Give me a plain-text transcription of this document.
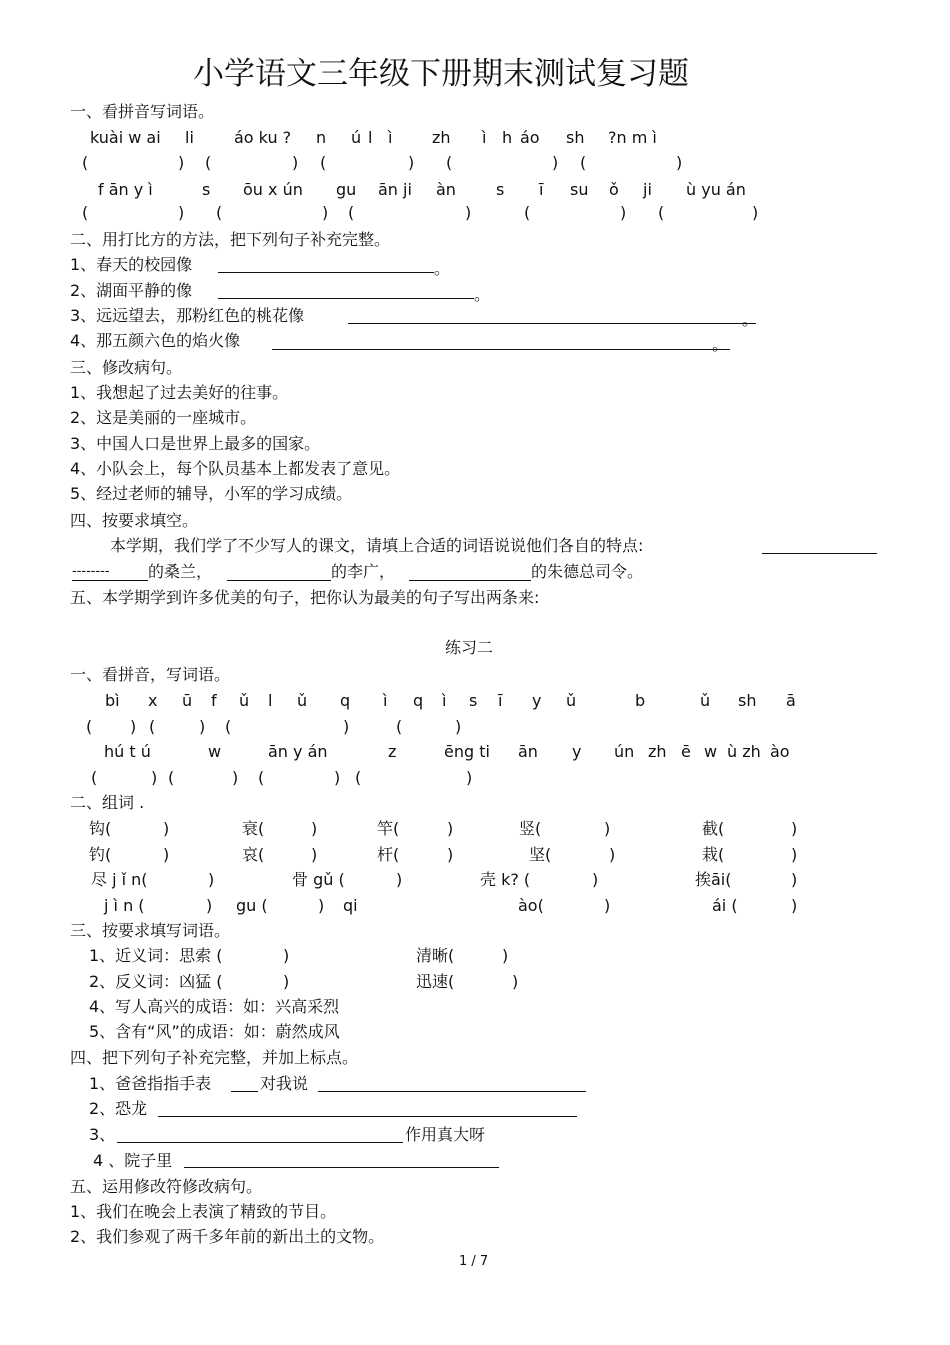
小学语文三年级下册期末测试复习题
一、看拼音写词语。
kuài w ai li	áo ku ? n ú l ì zh ì h áo sh ?n m ì
(	) (	) (	) (	) (	)
f ān y ì	s ōu x ún gu ān ji àn	s ī su ǒ ji ù yu án
(	) (	) (	)	(	) (	)
二、用打比方的方法，把下列句子补充完整。
1、春天的校园像	。
2、湖面平静的像	。
3、远远望去，那粉红色的桃花像	。
4、那五颜六色的焰火像	。
三、修改病句。
1、我想起了过去美好的往事。
2、这是美丽的一座城市。
3、中国人口是世界上最多的国家。
4、小队会上，每个队员基本上都发表了意见。
5、经过老师的辅导，小军的学习成绩。
四、按要求填空。
本学期，我们学了不少写人的课文，请填上合适的词语说说他们各自的特点:
-------- 的桑兰，	的李广，	的朱德总司令。
五、本学期学到许多优美的句子，把你认为最美的句子写出两条来:
练习二
一、看拼音，写词语。
bì x ū f ǔ l ǔ q ì q ì s ī y ǔ	b	ǔ sh ā
( ) (	) (	)	(	)
hú t ú	w	ān y án	z	ēng ti ān y ún zh ē w ù zh ào
(	) (	) (	) (	)
二、组词 .
钩(	)	衰(	)	竿(	)	竖(	)	截(	)
钓(	)	哀(	)	杆(	)	坚(	)	栽(	)
尽 j ǐ n(	)	骨 gǔ (	)	壳 k? (	)	挨āi(	)
j ì n (	) gu (	) qi	ào(	)	ái (	)
三、按要求填写词语。
1、近义词：思索 (	)	清晰(	)
2、反义词：凶猛 (	)	迅速(	)
4、写人高兴的成语：如：兴高采烈
5、含有“风”的成语：如：蔚然成风
四、把下列句子补充完整，并加上标点。
1、爸爸指指手表	对我说
2、恐龙
3、	作用真大呀
4 、院子里
五、运用修改符修改病句。
1、我们在晚会上表演了精致的节目。
2、我们参观了两千多年前的新出土的文物。
1 / 7
